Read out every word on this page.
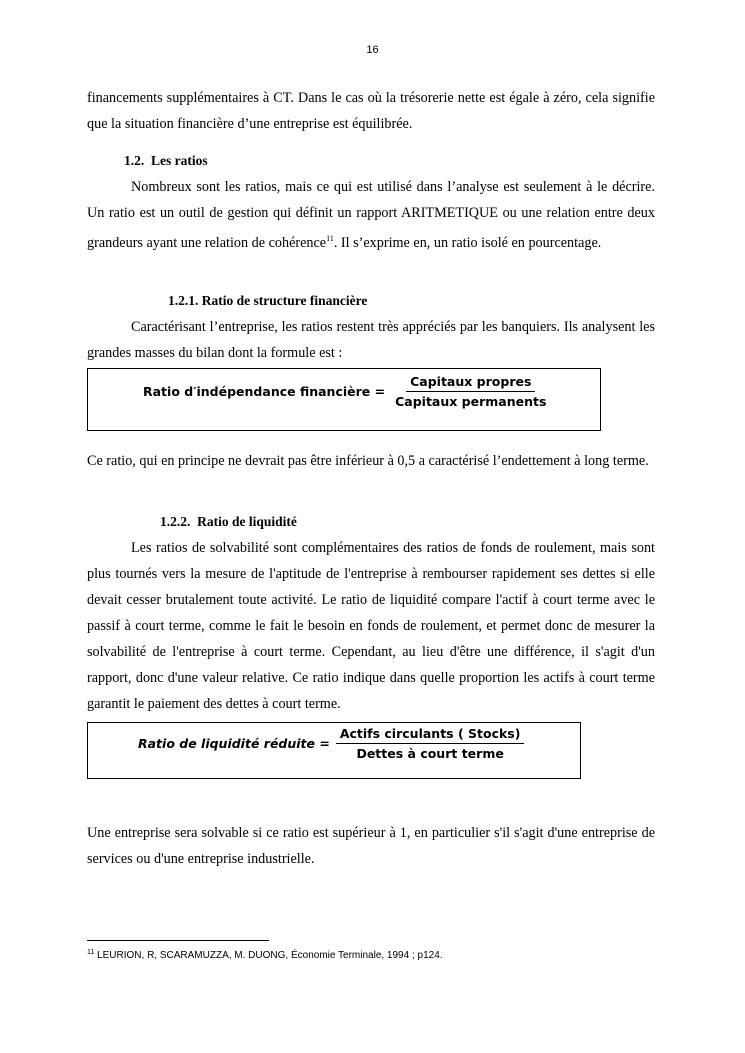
16

financements supplémentaires à CT. Dans le cas où la trésorerie nette est égale à zéro, cela signifie que la situation financière d’une entreprise est équilibrée.

1.2. Les ratios

Nombreux sont les ratios, mais ce qui est utilisé dans l’analyse est seulement à le décrire. Un ratio est un outil de gestion qui définit un rapport ARITMETIQUE ou une relation entre deux grandeurs ayant une relation de cohérence$^{11}$. Il s’exprime en, un ratio isolé en pourcentage.

1.2.1. Ratio de structure financière

Caractérisant l’entreprise, les ratios restent très appréciés par les banquiers. Ils analysent les grandes masses du bilan dont la formule est :

Ratio d′indépendance financière = $\frac{\text{Capitaux propres}}{\text{Capitaux permanents}}$

Ce ratio, qui en principe ne devrait pas être inférieur à 0,5 a caractérisé l’endettement à long terme.

1.2.2. Ratio de liquidité

Les ratios de solvabilité sont complémentaires des ratios de fonds de roulement, mais sont plus tournés vers la mesure de l'aptitude de l'entreprise à rembourser rapidement ses dettes si elle devait cesser brutalement toute activité. Le ratio de liquidité compare l'actif à court terme avec le passif à court terme, comme le fait le besoin en fonds de roulement, et permet donc de mesurer la solvabilité de l'entreprise à court terme. Cependant, au lieu d'être une différence, il s'agit d'un rapport, donc d'une valeur relative. Ce ratio indique dans quelle proportion les actifs à court terme garantit le paiement des dettes à court terme.

Ratio de liquidité réduite = $\frac{\text{Actifs circulants ( Stocks)}}{\text{Dettes à court terme}}$

Une entreprise sera solvable si ce ratio est supérieur à 1, en particulier s'il s'agit d'une entreprise de services ou d'une entreprise industrielle.

$^{11}$ LEURION, R, SCARAMUZZA, M. DUONG, Économie Terminale, 1994 ; p124.
